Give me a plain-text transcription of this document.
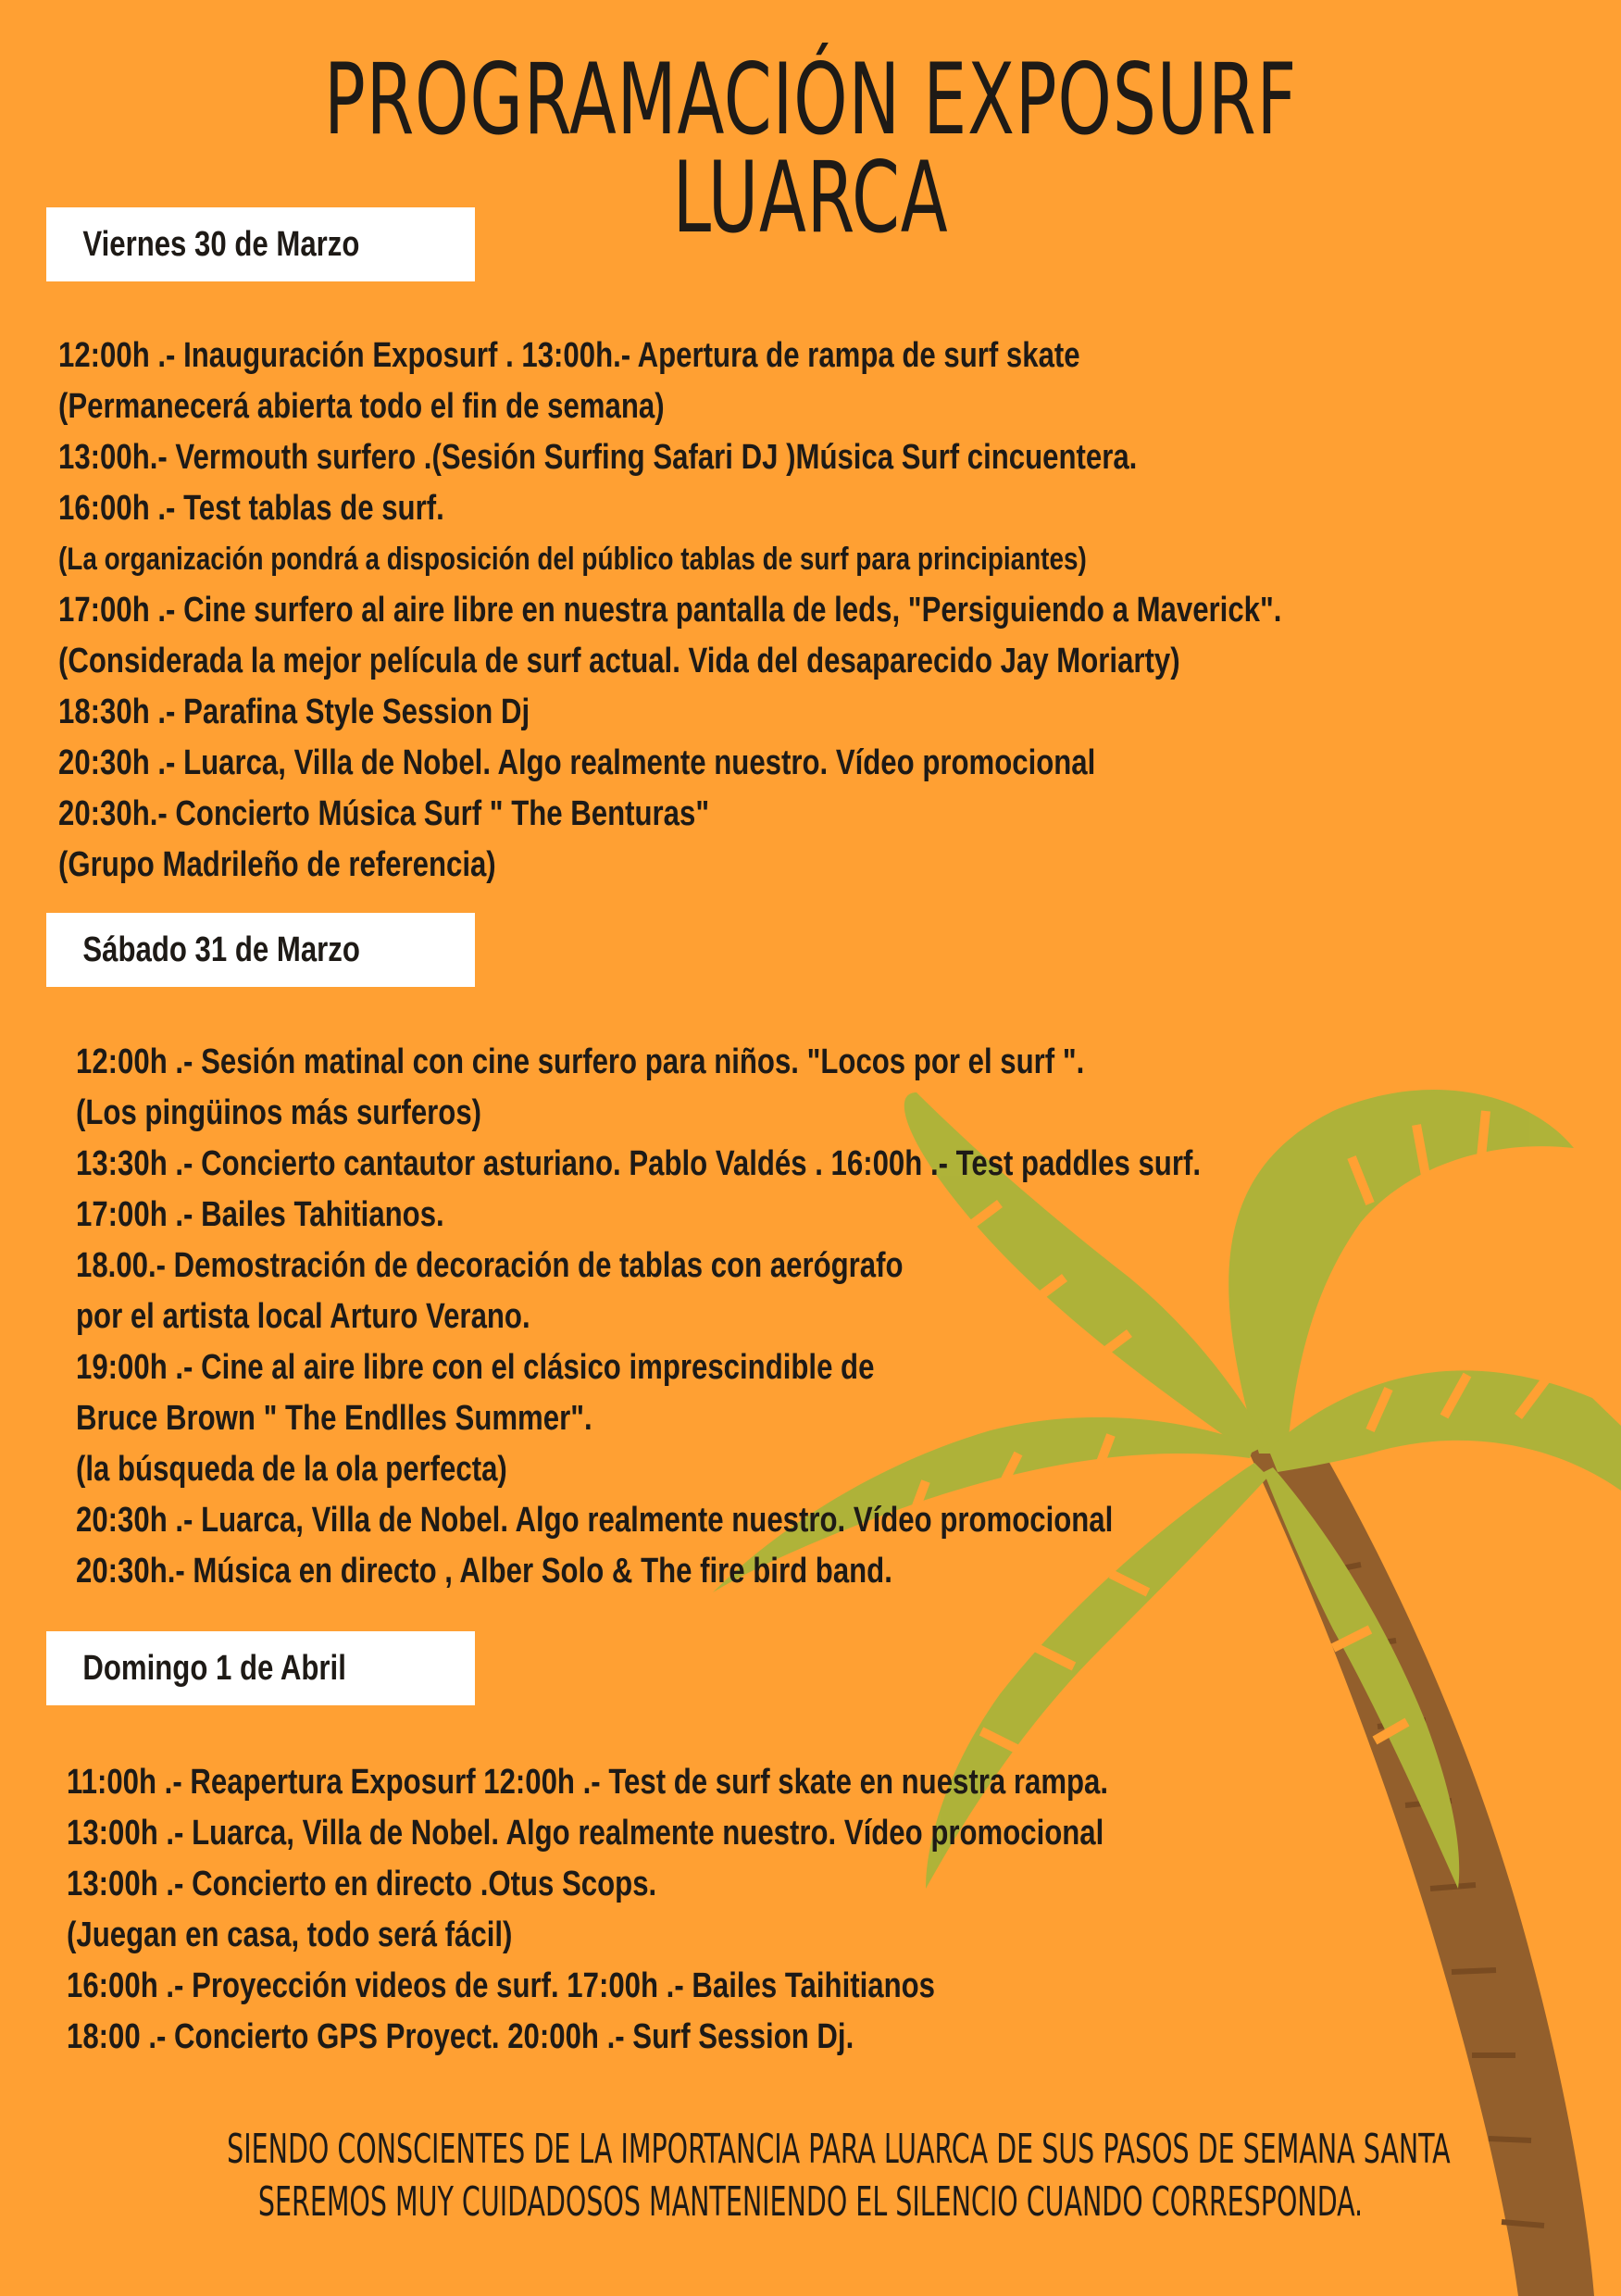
PROGRAMACIÓN EXPOSURF LUARCA
Viernes 30 de Marzo
12:00h .- Inauguración Exposurf . 13:00h.- Apertura de rampa de surf skate
(Permanecerá abierta todo el fin de semana)
13:00h.- Vermouth surfero .(Sesión Surfing Safari DJ )Música Surf cincuentera.
16:00h .- Test tablas de surf.
(La organización pondrá a disposición del público tablas de surf para principiantes)
17:00h .- Cine surfero al aire libre en nuestra pantalla de leds, "Persiguiendo a Maverick".
(Considerada la mejor película de surf actual. Vida del desaparecido Jay Moriarty)
18:30h .- Parafina Style Session Dj
20:30h .- Luarca, Villa de Nobel. Algo realmente nuestro. Vídeo promocional
20:30h.- Concierto Música Surf " The Benturas"
(Grupo Madrileño de referencia)
Sábado 31 de Marzo
12:00h .- Sesión matinal con cine surfero para niños. "Locos por el surf ".
(Los pingüinos más surferos)
13:30h .- Concierto cantautor asturiano. Pablo Valdés . 16:00h .- Test paddles surf.
17:00h .- Bailes Tahitianos.
18.00.- Demostración de decoración de tablas con aerógrafo
por el artista local Arturo Verano.
19:00h .- Cine al aire libre con el clásico imprescindible de
Bruce Brown " The Endlles Summer".
(la búsqueda de la ola perfecta)
20:30h .- Luarca, Villa de Nobel. Algo realmente nuestro. Vídeo promocional
20:30h.- Música en directo , Alber Solo & The fire bird band.
Domingo 1 de Abril
11:00h .- Reapertura Exposurf 12:00h .- Test de surf skate en nuestra rampa.
13:00h .- Luarca, Villa de Nobel. Algo realmente nuestro. Vídeo promocional
13:00h .- Concierto en directo .Otus Scops.
(Juegan en casa, todo será fácil)
16:00h .- Proyección videos de surf. 17:00h .- Bailes Taihitianos
18:00 .- Concierto GPS Proyect. 20:00h .- Surf Session Dj.
SIENDO CONSCIENTES DE LA IMPORTANCIA PARA LUARCA DE SUS PASOS DE SEMANA SANTA
SEREMOS MUY CUIDADOSOS MANTENIENDO EL SILENCIO CUANDO CORRESPONDA.
